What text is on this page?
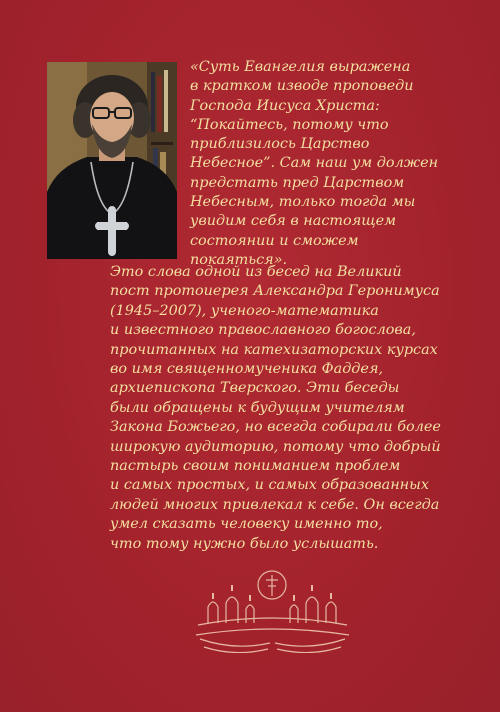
«Суть Евангелия выражена
в кратком изводе проповеди
Господа Иисуса Христа:
“Покайтесь, потому что
приблизилось Царство
Небесное”. Сам наш ум должен
предстать пред Царством
Небесным, только тогда мы
увидим себя в настоящем
состоянии и сможем
покаяться».
Это слова одной из бесед на Великий
пост протоиерея Александра Геронимуса
(1945–2007), ученого-математика
и известного православного богослова,
прочитанных на катехизаторских курсах
во имя священномученика Фаддея,
архиепископа Тверского. Эти беседы
были обращены к будущим учителям
Закона Божьего, но всегда собирали более
широкую аудиторию, потому что добрый
пастырь своим пониманием проблем
и самых простых, и самых образованных
людей многих привлекал к себе. Он всегда
умел сказать человеку именно то,
что тому нужно было услышать.
